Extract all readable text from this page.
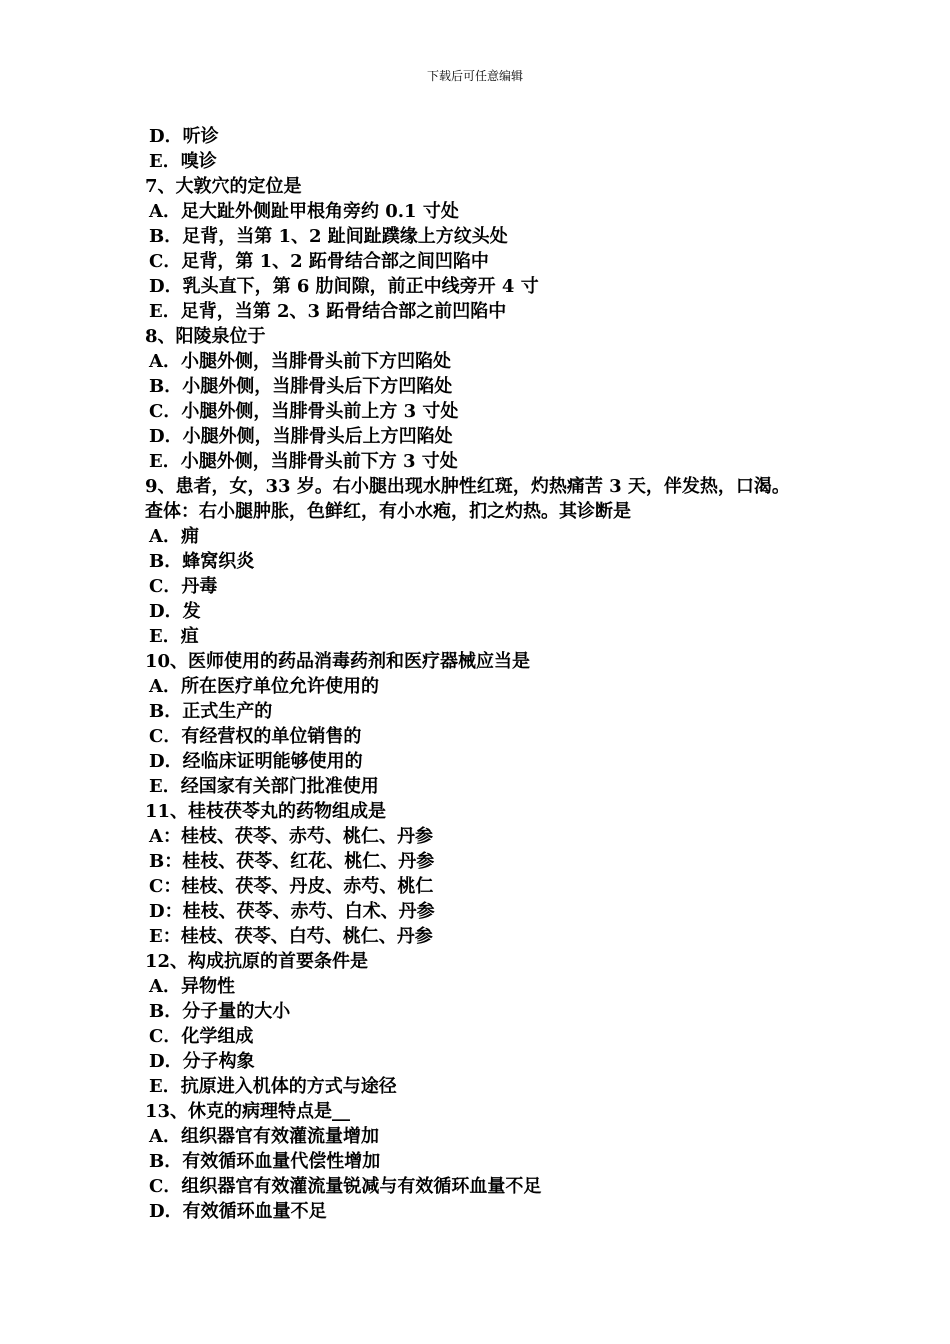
下载后可任意编辑
D．听诊
E．嗅诊
7、大敦穴的定位是
A．足大趾外侧趾甲根角旁约 0.1 寸处
B．足背，当第 1、2 趾间趾蹼缘上方纹头处
C．足背，第 1、2 跖骨结合部之间凹陷中
D．乳头直下，第 6 肋间隙，前正中线旁开 4 寸
E．足背，当第 2、3 跖骨结合部之前凹陷中
8、阳陵泉位于
A．小腿外侧，当腓骨头前下方凹陷处
B．小腿外侧，当腓骨头后下方凹陷处
C．小腿外侧，当腓骨头前上方 3 寸处
D．小腿外侧，当腓骨头后上方凹陷处
E．小腿外侧，当腓骨头前下方 3 寸处
9、患者，女，33 岁。右小腿出现水肿性红斑，灼热痛苦 3 天，伴发热，口渴。
查体：右小腿肿胀，色鲜红，有小水疱，扪之灼热。其诊断是
A．痈
B．蜂窝织炎
C．丹毒
D．发
E．疽
10、医师使用的药品消毒药剂和医疗器械应当是
A．所在医疗单位允许使用的
B．正式生产的
C．有经营权的单位销售的
D．经临床证明能够使用的
E．经国家有关部门批准使用
11、桂枝茯苓丸的药物组成是
A：桂枝、茯苓、赤芍、桃仁、丹参
B：桂枝、茯苓、红花、桃仁、丹参
C：桂枝、茯苓、丹皮、赤芍、桃仁
D：桂枝、茯苓、赤芍、白术、丹参
E：桂枝、茯苓、白芍、桃仁、丹参
12、构成抗原的首要条件是
A．异物性
B．分子量的大小
C．化学组成
D．分子构象
E．抗原进入机体的方式与途径
13、休克的病理特点是__
A．组织器官有效灌流量增加
B．有效循环血量代偿性增加
C．组织器官有效灌流量锐减与有效循环血量不足
D．有效循环血量不足
